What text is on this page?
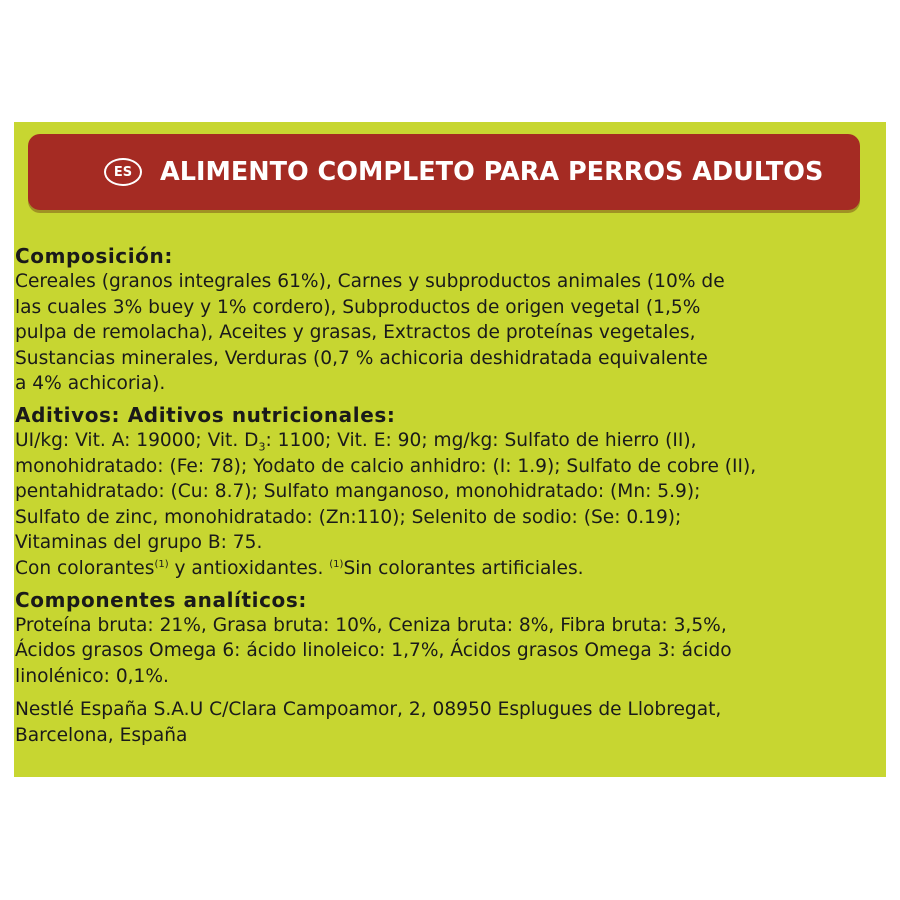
ES	ALIMENTO COMPLETO PARA PERROS ADULTOS
Composición:
Cereales (granos integrales 61%), Carnes y subproductos animales (10% de
las cuales 3% buey y 1% cordero), Subproductos de origen vegetal (1,5%
pulpa de remolacha), Aceites y grasas, Extractos de proteínas vegetales,
Sustancias minerales, Verduras (0,7 % achicoria deshidratada equivalente
a 4% achicoria).
Aditivos: Aditivos nutricionales:
UI/kg: Vit. A: 19000; Vit. $D_3$: 1100; Vit. E: 90; mg/kg: Sulfato de hierro (II),
monohidratado: (Fe: 78); Yodato de calcio anhidro: (I: 1.9); Sulfato de cobre (II),
pentahidratado: (Cu: 8.7); Sulfato manganoso, monohidratado: (Mn: 5.9);
Sulfato de zinc, monohidratado: (Zn:110); Selenito de sodio: (Se: 0.19);
Vitaminas del grupo B: 75.
Con colorantes$^{(1)}$ y antioxidantes. $^{(1)}$Sin colorantes artificiales.
Componentes analíticos:
Proteína bruta: 21%, Grasa bruta: 10%, Ceniza bruta: 8%, Fibra bruta: 3,5%,
Ácidos grasos Omega 6: ácido linoleico: 1,7%, Ácidos grasos Omega 3: ácido
linolénico: 0,1%.
Nestlé España S.A.U C/Clara Campoamor, 2, 08950 Esplugues de Llobregat,
Barcelona, España
